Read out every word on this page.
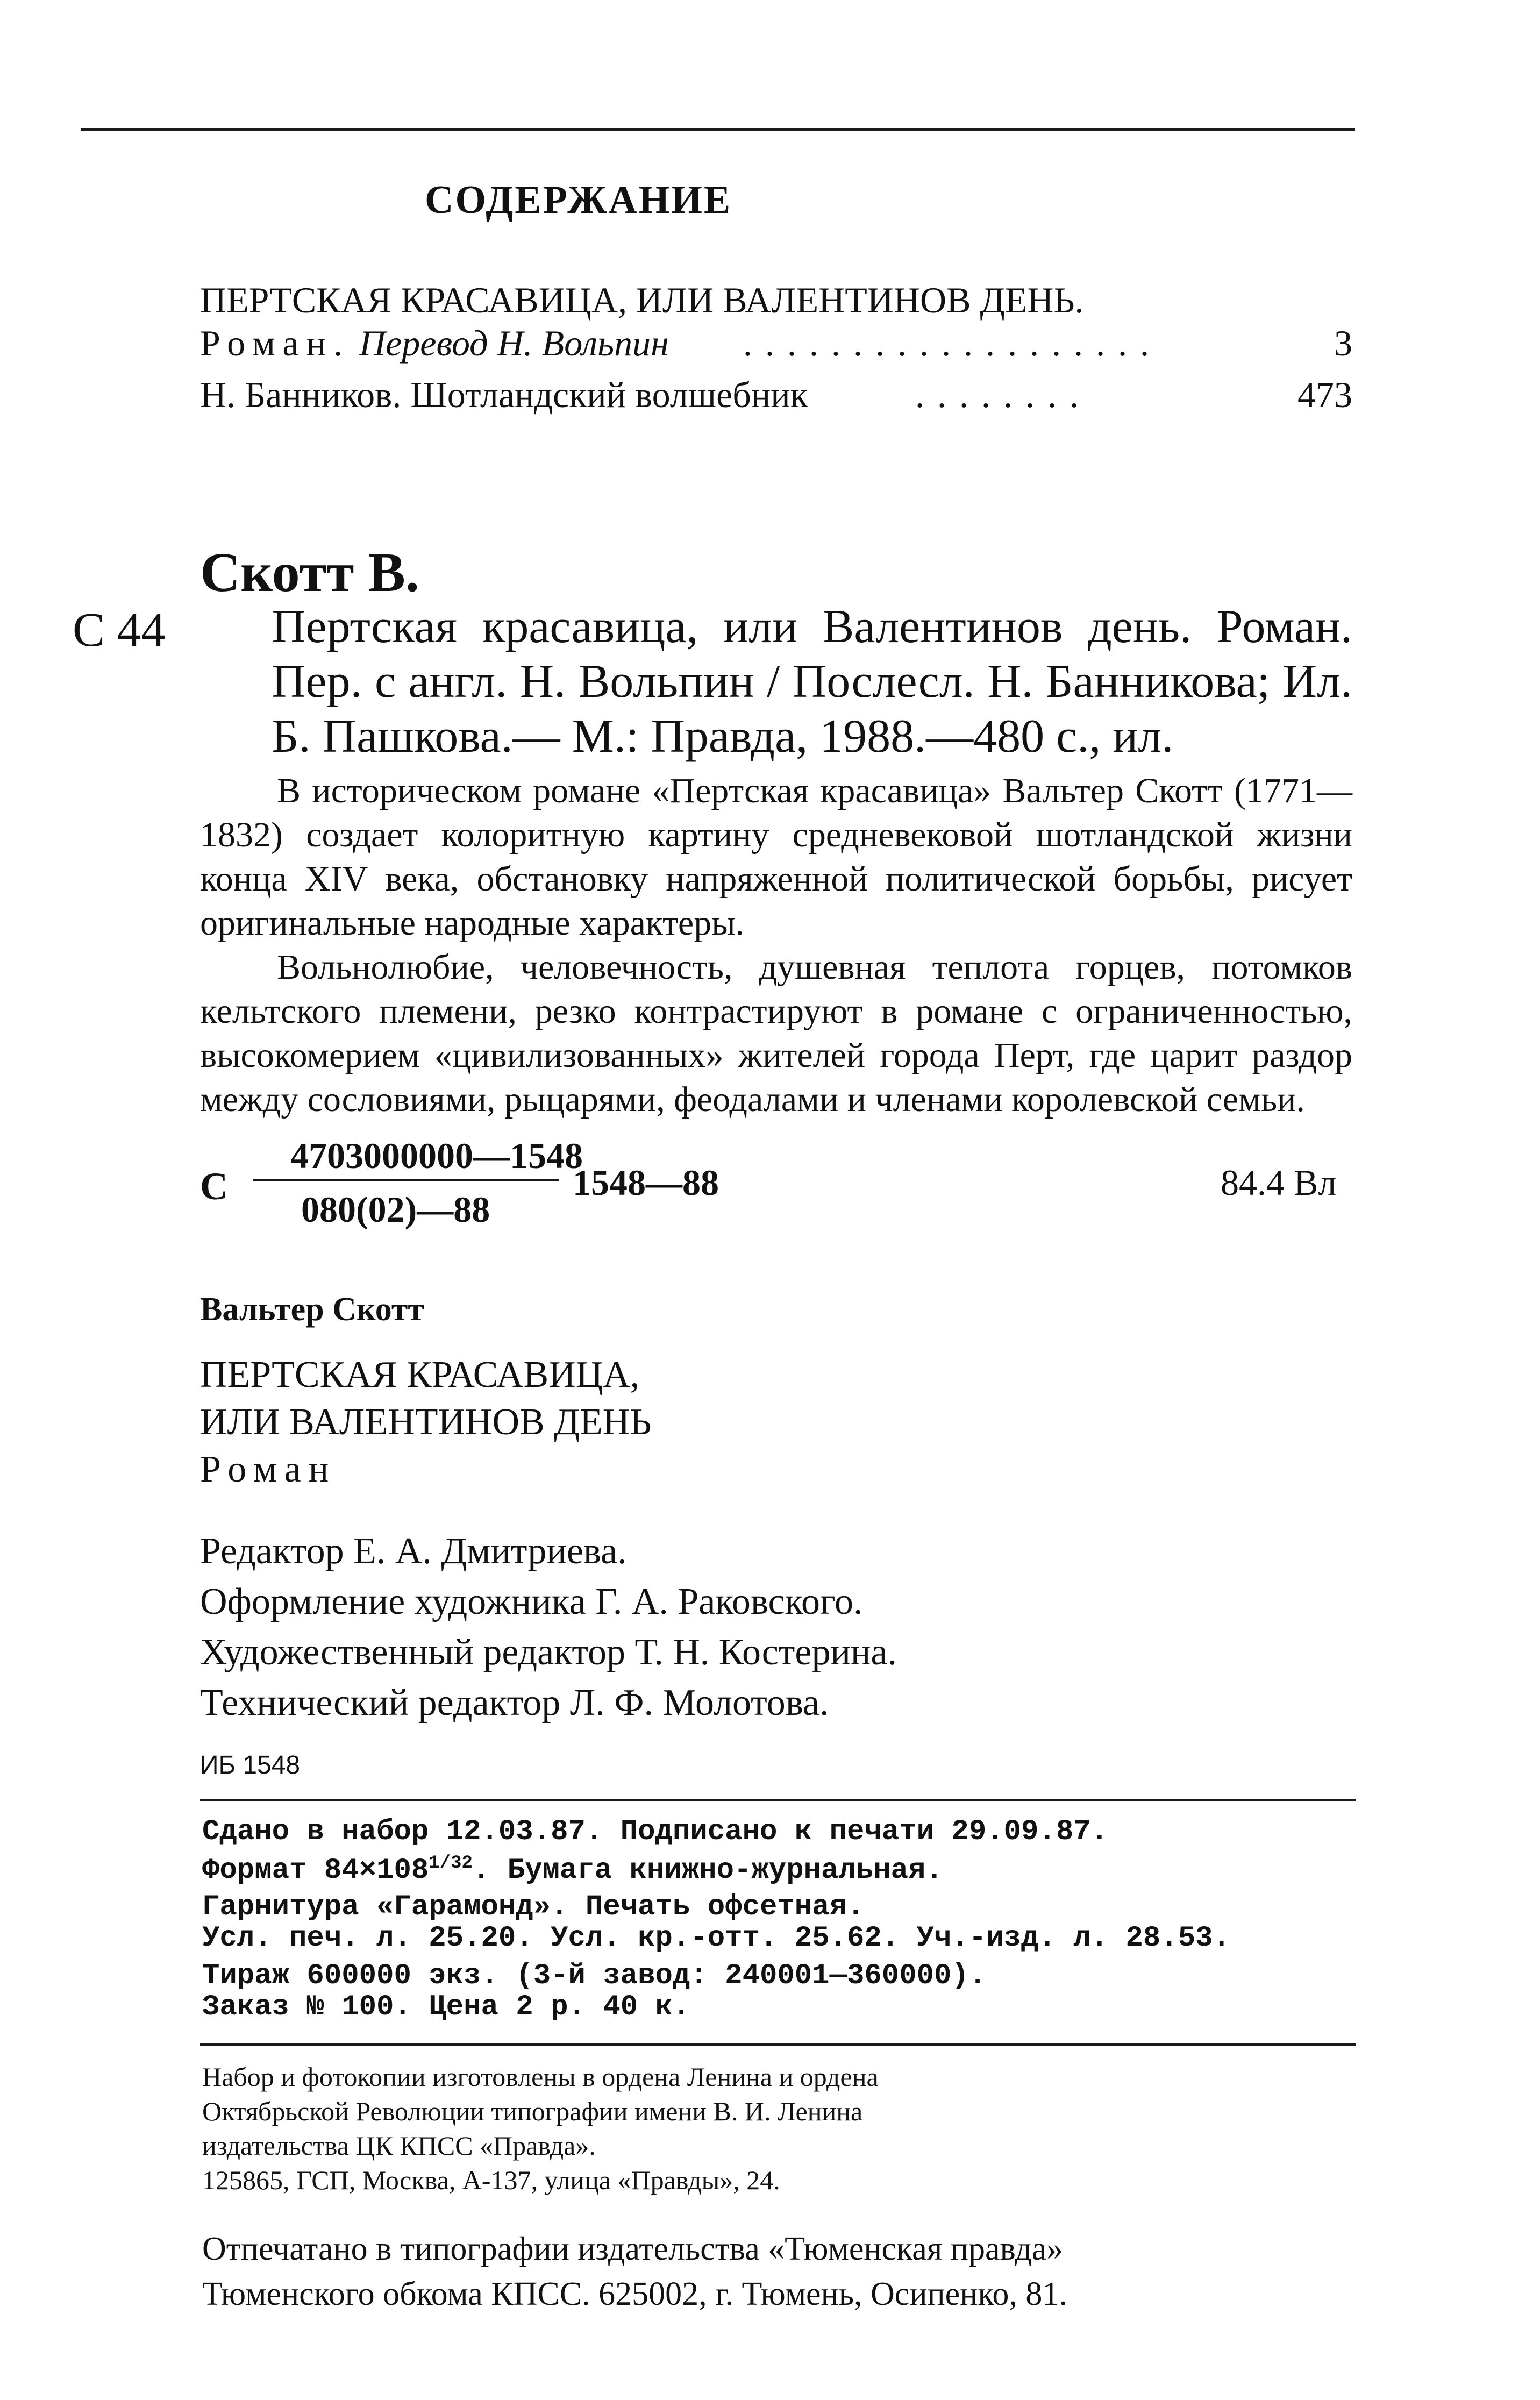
СОДЕРЖАНИЕ
ПЕРТСКАЯ КРАСАВИЦА, ИЛИ ВАЛЕНТИНОВ ДЕНЬ.
Роман. Перевод Н. Вольпин ...................	3
Н. Банников. Шотландский волшебник	........	473
Скотт В.
С 44 Пертская красавица, или Валентинов день. Роман. Пер. с англ. Н. Вольпин / Послесл. Н. Банникова; Ил. Б. Пашкова.— М.: Правда, 1988.—480 с., ил.

В историческом романе «Пертская красавица» Вальтер Скотт (1771—1832) создает колоритную картину средневековой шотландской жизни конца XIV века, обстановку напряженной политической борьбы, рисует оригинальные народные характеры.

Вольнолюбие, человечность, душевная теплота горцев, потомков кельтского племени, резко контрастируют в романе с ограниченностью, высокомерием «цивилизованных» жителей города Перт, где царит раздор между сословиями, рыцарями, феодалами и членами королевской семьи.

С
4703000000—1548
080(02)—88
1548—88	84.4 Вл
Вальтер Скотт
ПЕРТСКАЯ КРАСАВИЦА,
ИЛИ ВАЛЕНТИНОВ ДЕНЬ
Роман
Редактор Е. А. Дмитриева.
Оформление художника Г. А. Раковского.
Художественный редактор Т. Н. Костерина.
Технический редактор Л. Ф. Молотова.
ИБ 1548
Сдано в набор 12.03.87. Подписано к печати 29.09.87.
Формат $84\times 108^{1/32}$. Бумага книжно-журнальная.
Гарнитура «Гарамонд». Печать офсетная.
Усл. печ. л. 25.20. Усл. кр.-отт. 25.62. Уч.-изд. л. 28.53.
Тираж 600000 экз. (3-й завод: 240001—360000).
Заказ № 100. Цена 2 р. 40 к.
Набор и фотокопии изготовлены в ордена Ленина и ордена
Октябрьской Революции типографии имени В. И. Ленина
издательства ЦК КПСС «Правда».
125865, ГСП, Москва, А-137, улица «Правды», 24.
Отпечатано в типографии издательства «Тюменская правда»
Тюменского обкома КПСС. 625002, г. Тюмень, Осипенко, 81.
